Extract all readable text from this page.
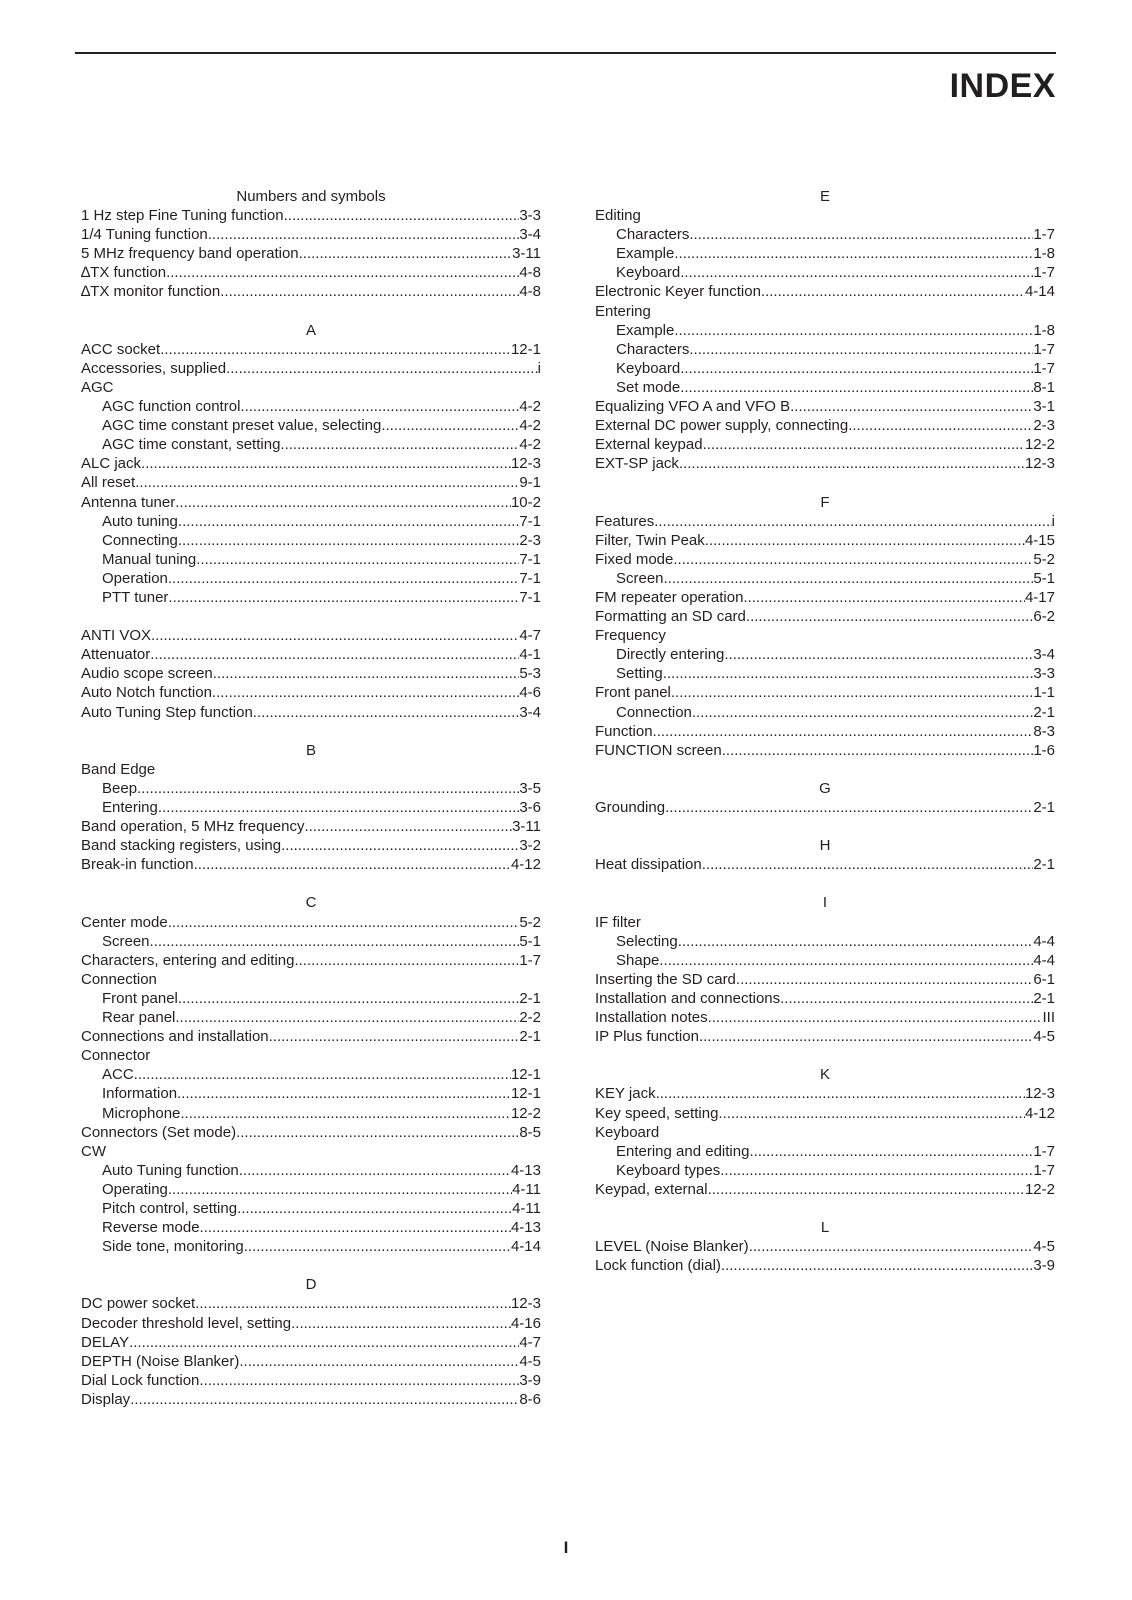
INDEX
Numbers and symbols
1 Hz step Fine Tuning function .....	3-3
1/4 Tuning function .....	3-4
5 MHz frequency band operation .....	3-11
∆TX function .....	4-8
∆TX monitor function .....	4-8
A
ACC socket .....	12-1
Accessories, supplied .....	i
AGC
AGC function control .....	4-2
AGC time constant preset value, selecting .....	4-2
AGC time constant, setting .....	4-2
ALC jack .....	12-3
All reset .....	9-1
Antenna tuner .....	10-2
Auto tuning .....	7-1
Connecting .....	2-3
Manual tuning .....	7-1
Operation .....	7-1
PTT tuner .....	7-1
ANTI VOX .....	4-7
Attenuator .....	4-1
Audio scope screen .....	5-3
Auto Notch function .....	4-6
Auto Tuning Step function .....	3-4
B
Band Edge
Beep .....	3-5
Entering .....	3-6
Band operation, 5 MHz frequency .....	3-11
Band stacking registers, using .....	3-2
Break-in function .....	4-12
C
Center mode .....	5-2
Screen .....	5-1
Characters, entering and editing .....	1-7
Connection
Front panel .....	2-1
Rear panel .....	2-2
Connections and installation .....	2-1
Connector
ACC .....	12-1
Information .....	12-1
Microphone .....	12-2
Connectors (Set mode) .....	8-5
CW
Auto Tuning function .....	4-13
Operating .....	4-11
Pitch control, setting .....	4-11
Reverse mode .....	4-13
Side tone, monitoring .....	4-14
D
DC power socket .....	12-3
Decoder threshold level, setting .....	4-16
DELAY .....	4-7
DEPTH (Noise Blanker) .....	4-5
Dial Lock function .....	3-9
Display .....	8-6
E
Editing
Characters .....	1-7
Example .....	1-8
Keyboard .....	1-7
Electronic Keyer function .....	4-14
Entering
Example .....	1-8
Characters .....	1-7
Keyboard .....	1-7
Set mode .....	8-1
Equalizing VFO A and VFO B .....	3-1
External DC power supply, connecting .....	2-3
External keypad .....	12-2
EXT-SP jack .....	12-3
F
Features .....	i
Filter, Twin Peak .....	4-15
Fixed mode .....	5-2
Screen .....	5-1
FM repeater operation .....	4-17
Formatting an SD card .....	6-2
Frequency
Directly entering .....	3-4
Setting .....	3-3
Front panel .....	1-1
Connection .....	2-1
Function .....	8-3
FUNCTION screen .....	1-6
G
Grounding .....	2-1
H
Heat dissipation .....	2-1
I
IF filter
Selecting .....	4-4
Shape .....	4-4
Inserting the SD card .....	6-1
Installation and connections .....	2-1
Installation notes .....	III
IP Plus function .....	4-5
K
KEY jack .....	12-3
Key speed, setting .....	4-12
Keyboard
Entering and editing .....	1-7
Keyboard types .....	1-7
Keypad, external .....	12-2
L
LEVEL (Noise Blanker) .....	4-5
Lock function (dial) .....	3-9
I
